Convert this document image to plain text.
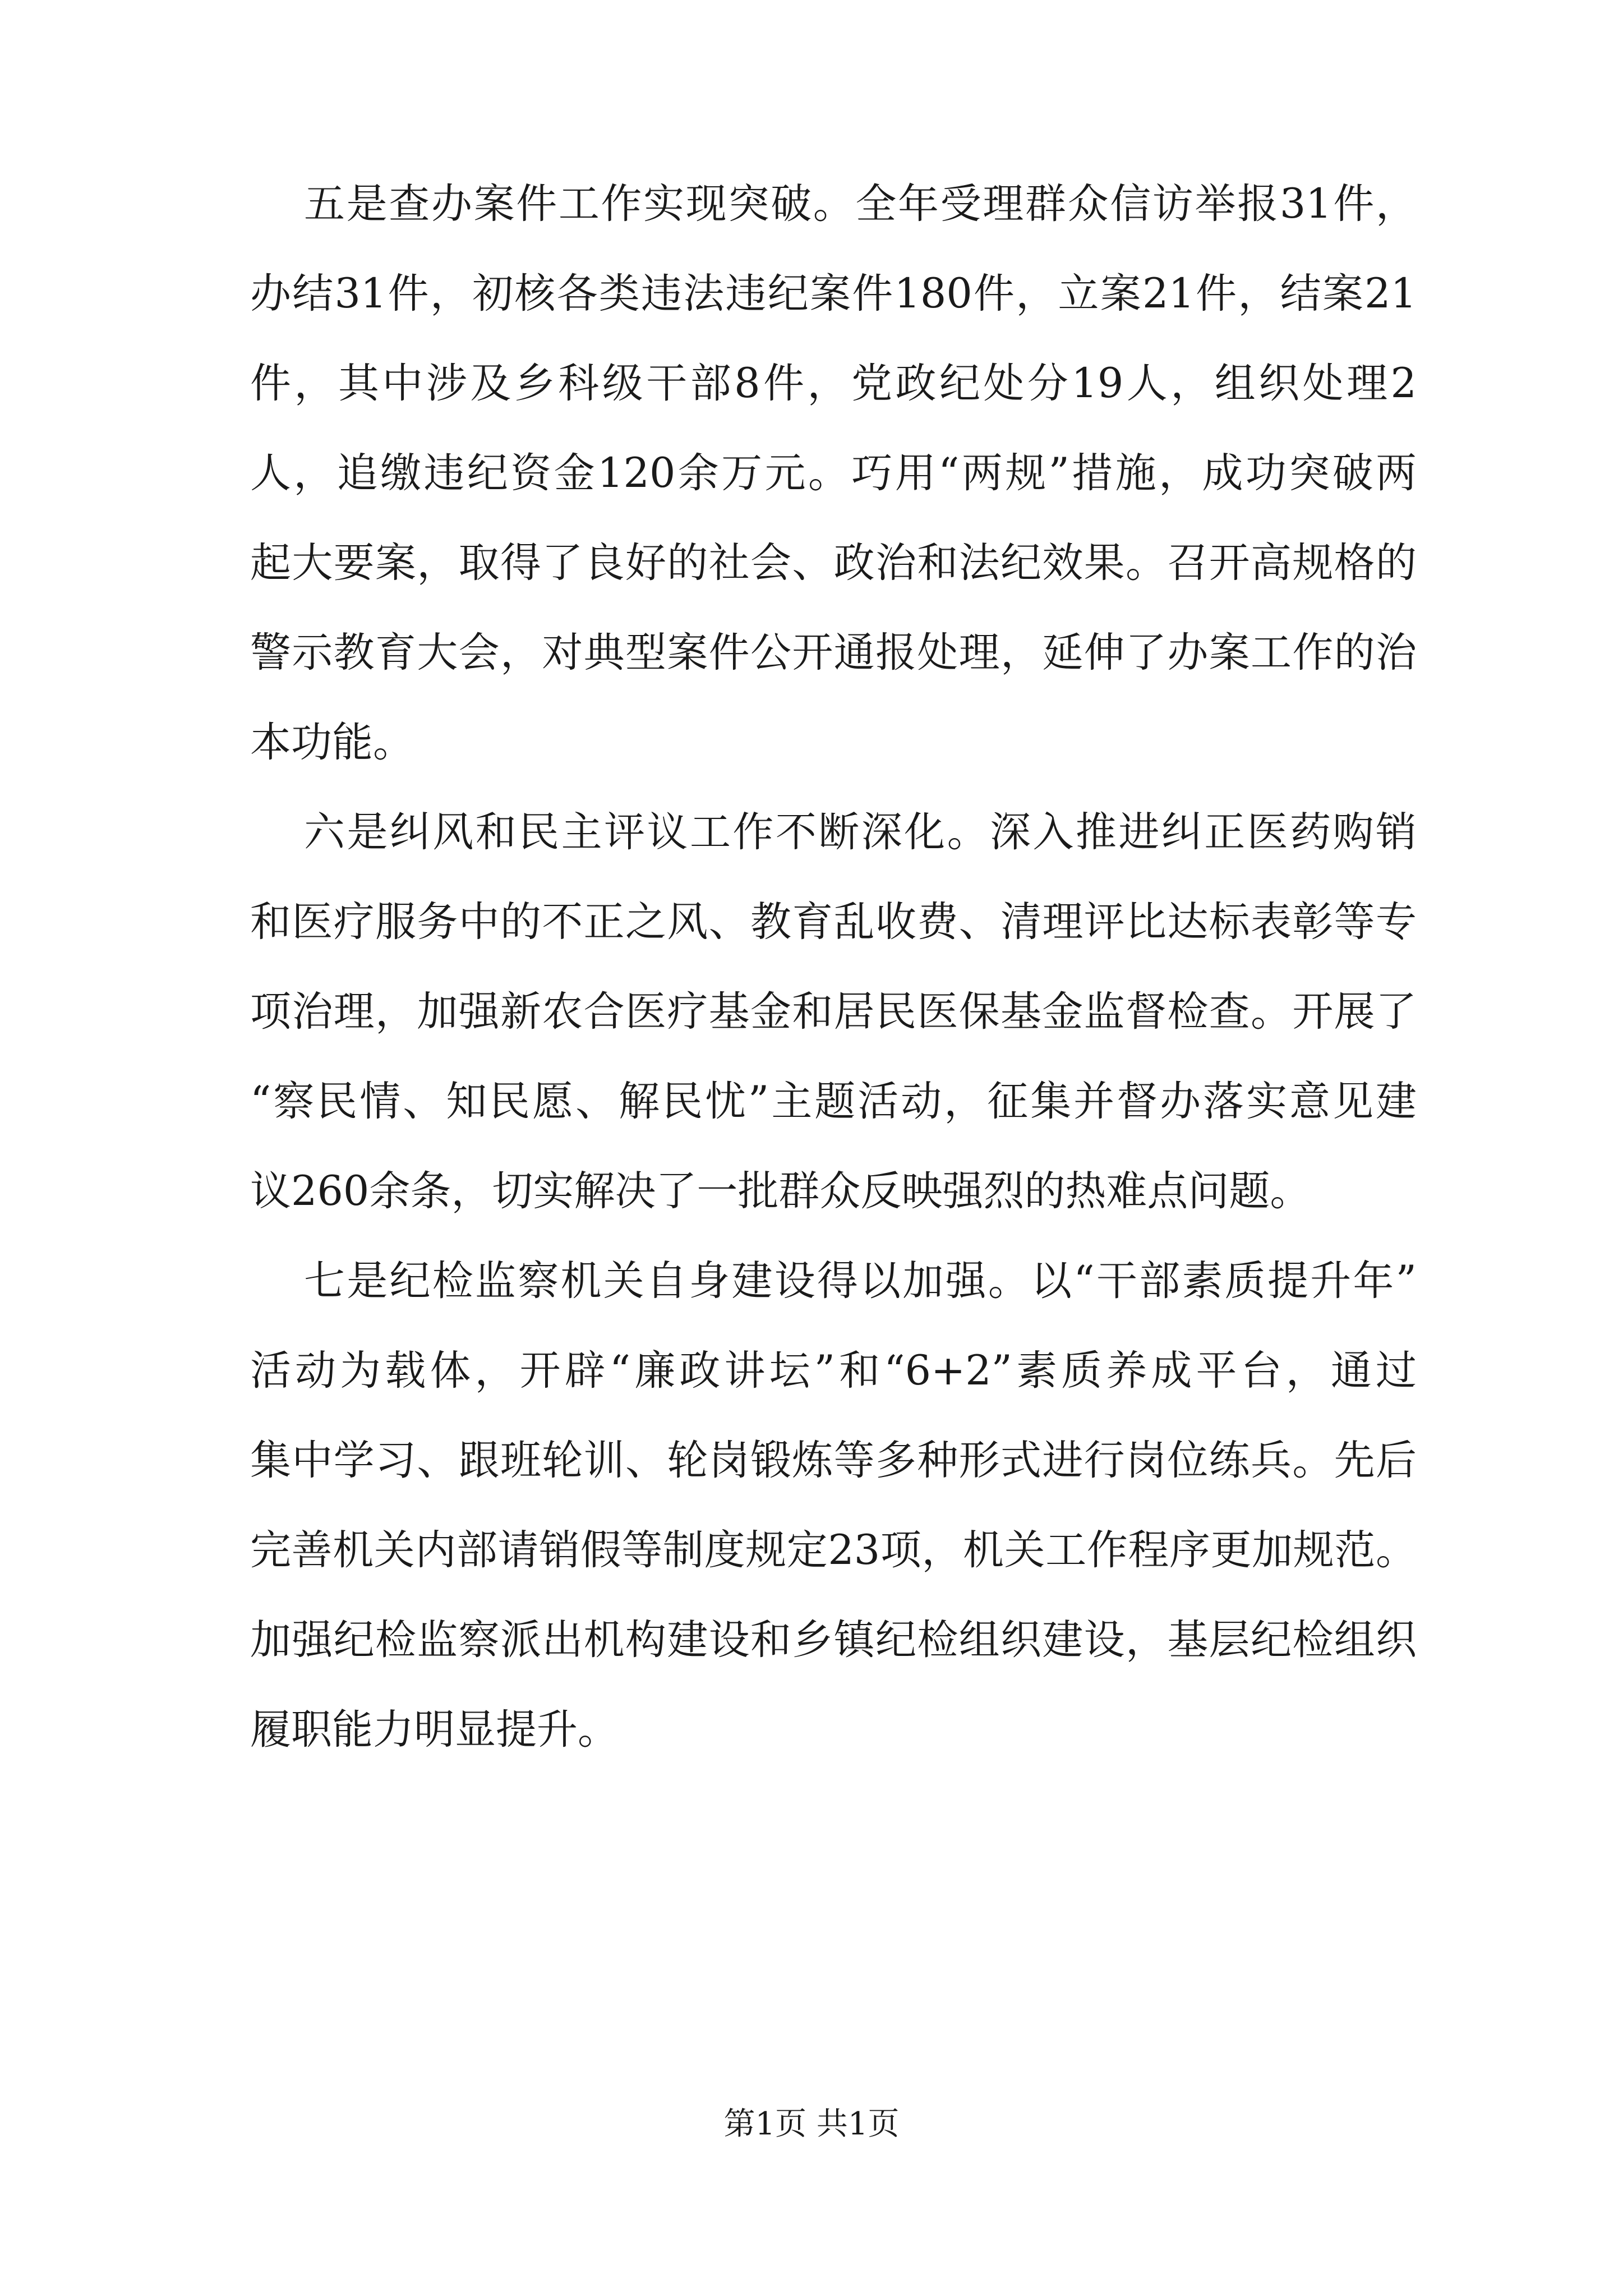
五是查办案件工作实现突破。全年受理群众信访举报31件，
办结31件，初核各类违法违纪案件180件，立案21件，结案21
件，其中涉及乡科级干部8件，党政纪处分19人，组织处理2
人，追缴违纪资金120余万元。巧用“两规”措施，成功突破两
起大要案，取得了良好的社会、政治和法纪效果。召开高规格的
警示教育大会，对典型案件公开通报处理，延伸了办案工作的治
本功能。
六是纠风和民主评议工作不断深化。深入推进纠正医药购销
和医疗服务中的不正之风、教育乱收费、清理评比达标表彰等专
项治理，加强新农合医疗基金和居民医保基金监督检查。开展了
“察民情、知民愿、解民忧”主题活动，征集并督办落实意见建
议260余条，切实解决了一批群众反映强烈的热难点问题。
七是纪检监察机关自身建设得以加强。以“干部素质提升年”
活动为载体，开辟“廉政讲坛”和“6+2”素质养成平台，通过
集中学习、跟班轮训、轮岗锻炼等多种形式进行岗位练兵。先后
完善机关内部请销假等制度规定23项，机关工作程序更加规范。
加强纪检监察派出机构建设和乡镇纪检组织建设，基层纪检组织
履职能力明显提升。
第1页 共1页
